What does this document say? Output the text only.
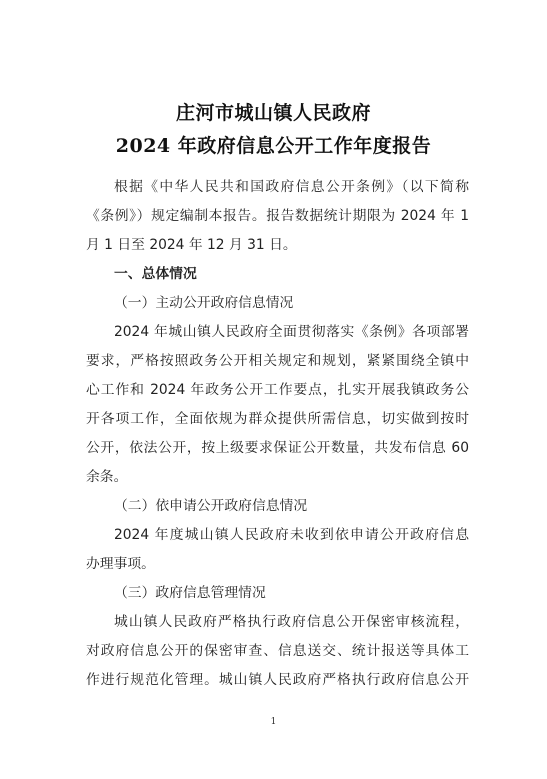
庄河市城山镇人民政府
2024 年政府信息公开工作年度报告
根据《中华人民共和国政府信息公开条例》（以下简称
《条例》）规定编制本报告。报告数据统计期限为 2024 年 1
月 1 日至 2024 年 12 月 31 日。
一、总体情况
（一）主动公开政府信息情况
2024 年城山镇人民政府全面贯彻落实《条例》各项部署
要求，严格按照政务公开相关规定和规划，紧紧围绕全镇中
心工作和 2024 年政务公开工作要点，扎实开展我镇政务公
开各项工作，全面依规为群众提供所需信息，切实做到按时
公开，依法公开，按上级要求保证公开数量，共发布信息 60
余条。
（二）依申请公开政府信息情况
2024 年度城山镇人民政府未收到依申请公开政府信息
办理事项。
（三）政府信息管理情况
城山镇人民政府严格执行政府信息公开保密审核流程，
对政府信息公开的保密审查、信息送交、统计报送等具体工
作进行规范化管理。城山镇人民政府严格执行政府信息公开
1
